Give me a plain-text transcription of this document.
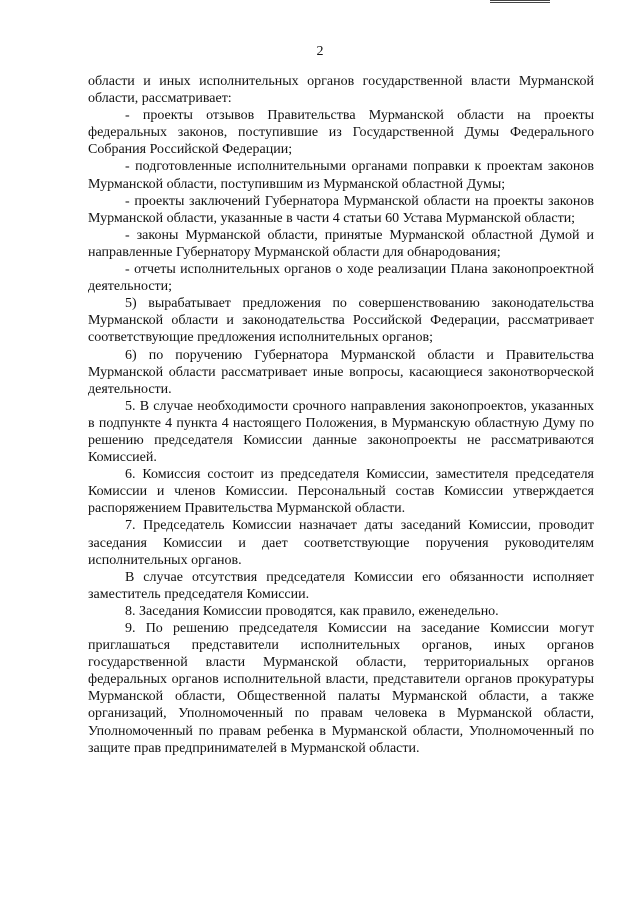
2

области и иных исполнительных органов государственной власти Мурманской области, рассматривает:

- проекты отзывов Правительства Мурманской области на проекты федеральных законов, поступившие из Государственной Думы Федерального Собрания Российской Федерации;

- подготовленные исполнительными органами поправки к проектам законов Мурманской области, поступившим из Мурманской областной Думы;

- проекты заключений Губернатора Мурманской области на проекты законов Мурманской области, указанные в части 4 статьи 60 Устава Мурманской области;

- законы Мурманской области, принятые Мурманской областной Думой и направленные Губернатору Мурманской области для обнародования;

- отчеты исполнительных органов о ходе реализации Плана законопроектной деятельности;

5) вырабатывает предложения по совершенствованию законодательства Мурманской области и законодательства Российской Федерации, рассматривает соответствующие предложения исполнительных органов;

6) по поручению Губернатора Мурманской области и Правительства Мурманской области рассматривает иные вопросы, касающиеся законотворческой деятельности.

5. В случае необходимости срочного направления законопроектов, указанных в подпункте 4 пункта 4 настоящего Положения, в Мурманскую областную Думу по решению председателя Комиссии данные законопроекты не рассматриваются Комиссией.

6. Комиссия состоит из председателя Комиссии, заместителя председателя Комиссии и членов Комиссии. Персональный состав Комиссии утверждается распоряжением Правительства Мурманской области.

7. Председатель Комиссии назначает даты заседаний Комиссии, проводит заседания Комиссии и дает соответствующие поручения руководителям исполнительных органов.

В случае отсутствия председателя Комиссии его обязанности исполняет заместитель председателя Комиссии.

8. Заседания Комиссии проводятся, как правило, еженедельно.

9. По решению председателя Комиссии на заседание Комиссии могут приглашаться представители исполнительных органов, иных органов государственной власти Мурманской области, территориальных органов федеральных органов исполнительной власти, представители органов прокуратуры Мурманской области, Общественной палаты Мурманской области, а также организаций, Уполномоченный по правам человека в Мурманской области, Уполномоченный по правам ребенка в Мурманской области, Уполномоченный по защите прав предпринимателей в Мурманской области.
